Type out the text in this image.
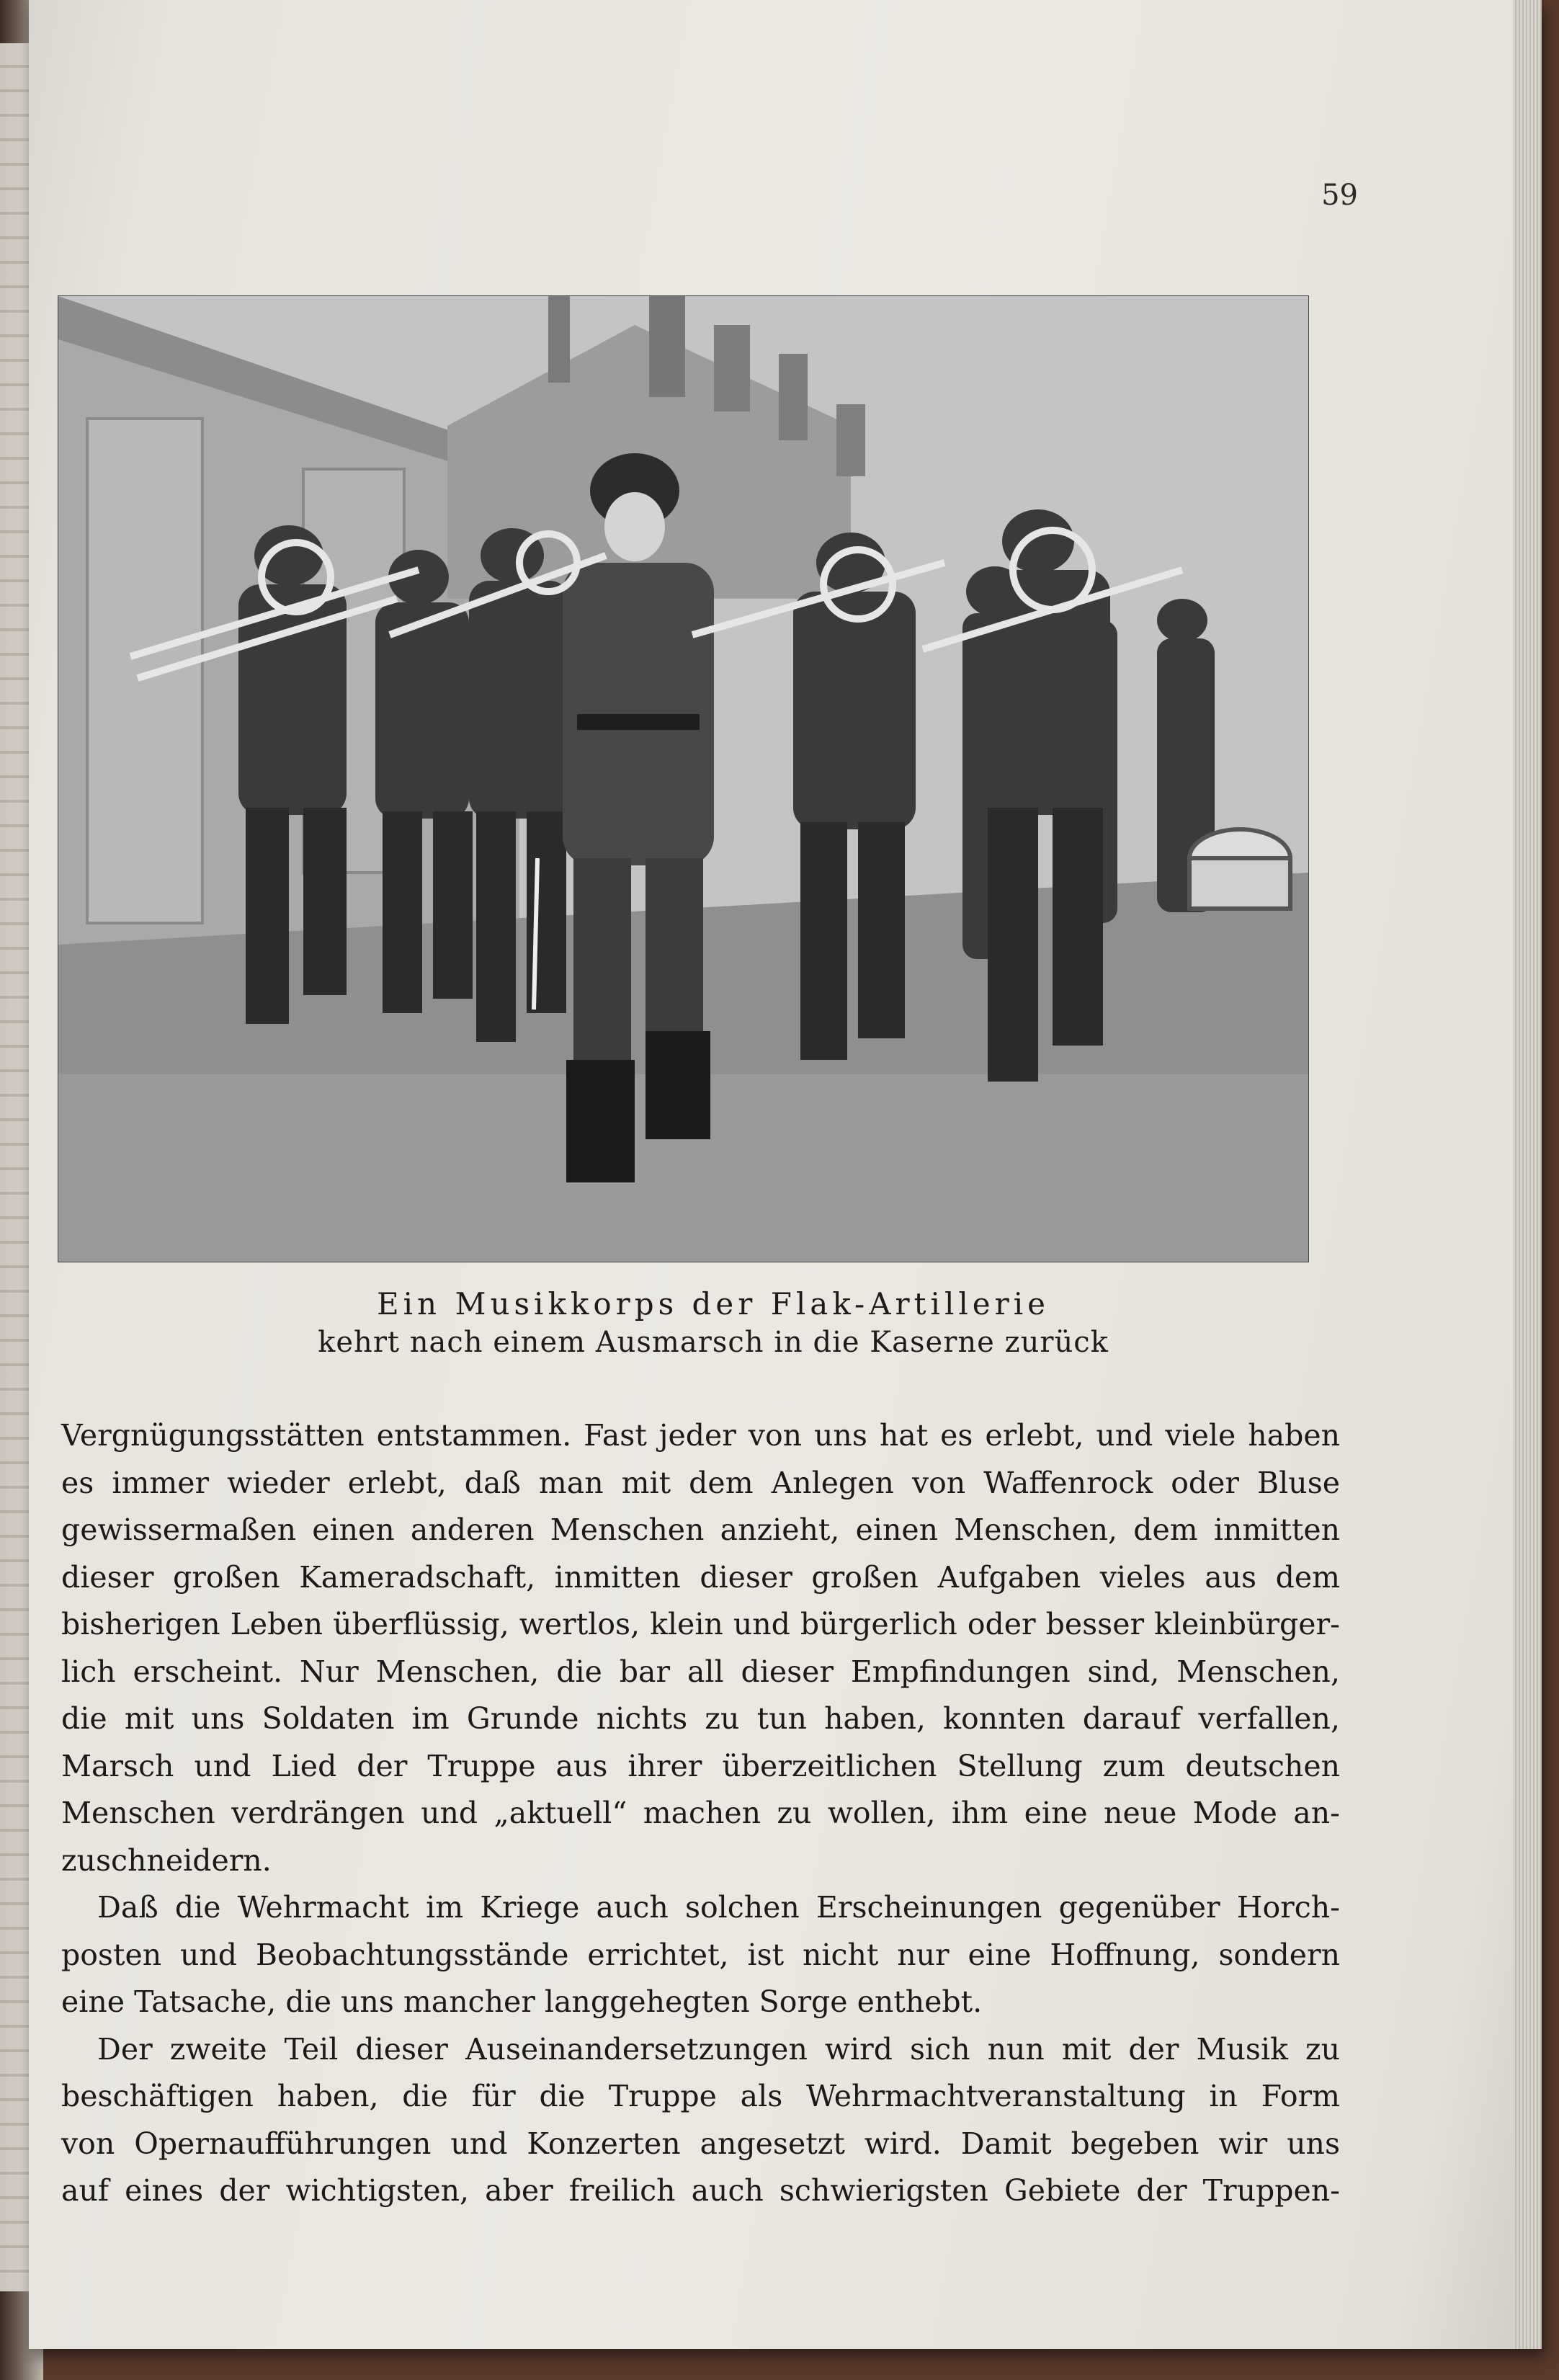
59
Ein Musikkorps der Flak-Artillerie
kehrt nach einem Ausmarsch in die Kaserne zurück
Vergnügungsstätten entstammen. Fast jeder von uns hat es erlebt, und viele haben
es immer wieder erlebt, daß man mit dem Anlegen von Waffenrock oder Bluse
gewissermaßen einen anderen Menschen anzieht, einen Menschen, dem inmitten
dieser großen Kameradschaft, inmitten dieser großen Aufgaben vieles aus dem
bisherigen Leben überflüssig, wertlos, klein und bürgerlich oder besser kleinbürger-
lich erscheint. Nur Menschen, die bar all dieser Empfindungen sind, Menschen,
die mit uns Soldaten im Grunde nichts zu tun haben, konnten darauf verfallen,
Marsch und Lied der Truppe aus ihrer überzeitlichen Stellung zum deutschen
Menschen verdrängen und „aktuell“ machen zu wollen, ihm eine neue Mode an-
zuschneidern.
Daß die Wehrmacht im Kriege auch solchen Erscheinungen gegenüber Horch-
posten und Beobachtungsstände errichtet, ist nicht nur eine Hoffnung, sondern
eine Tatsache, die uns mancher langgehegten Sorge enthebt.
Der zweite Teil dieser Auseinandersetzungen wird sich nun mit der Musik zu
beschäftigen haben, die für die Truppe als Wehrmachtveranstaltung in Form
von Opernaufführungen und Konzerten angesetzt wird. Damit begeben wir uns
auf eines der wichtigsten, aber freilich auch schwierigsten Gebiete der Truppen-
